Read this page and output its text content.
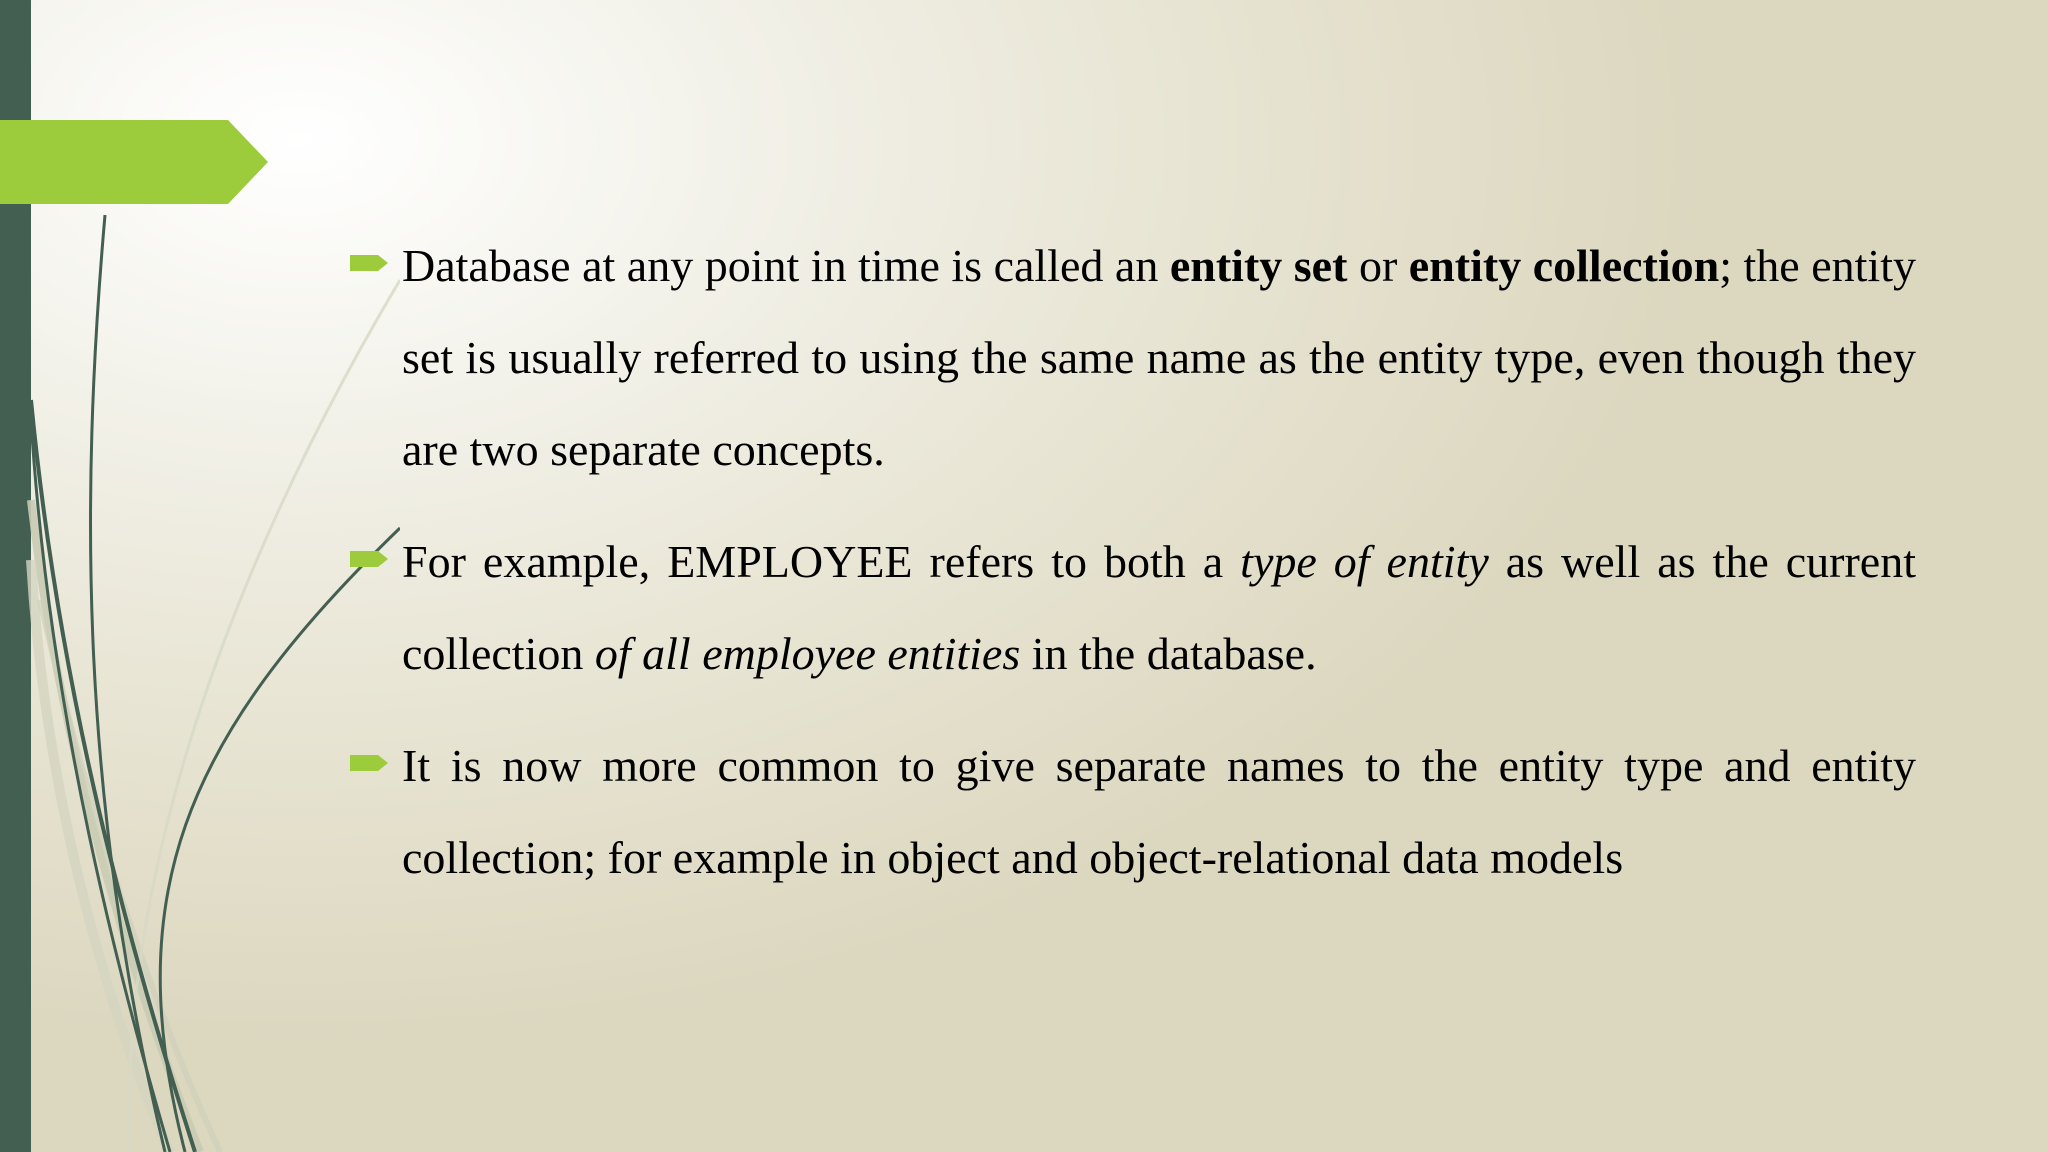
Database at any point in time is called an entity set or entity collection; the entity set is usually referred to using the same name as the entity type, even though they are two separate concepts.
For example, EMPLOYEE refers to both a type of entity as well as the current collection of all employee entities in the database.
It is now more common to give separate names to the entity type and entity collection; for example in object and object-relational data models
